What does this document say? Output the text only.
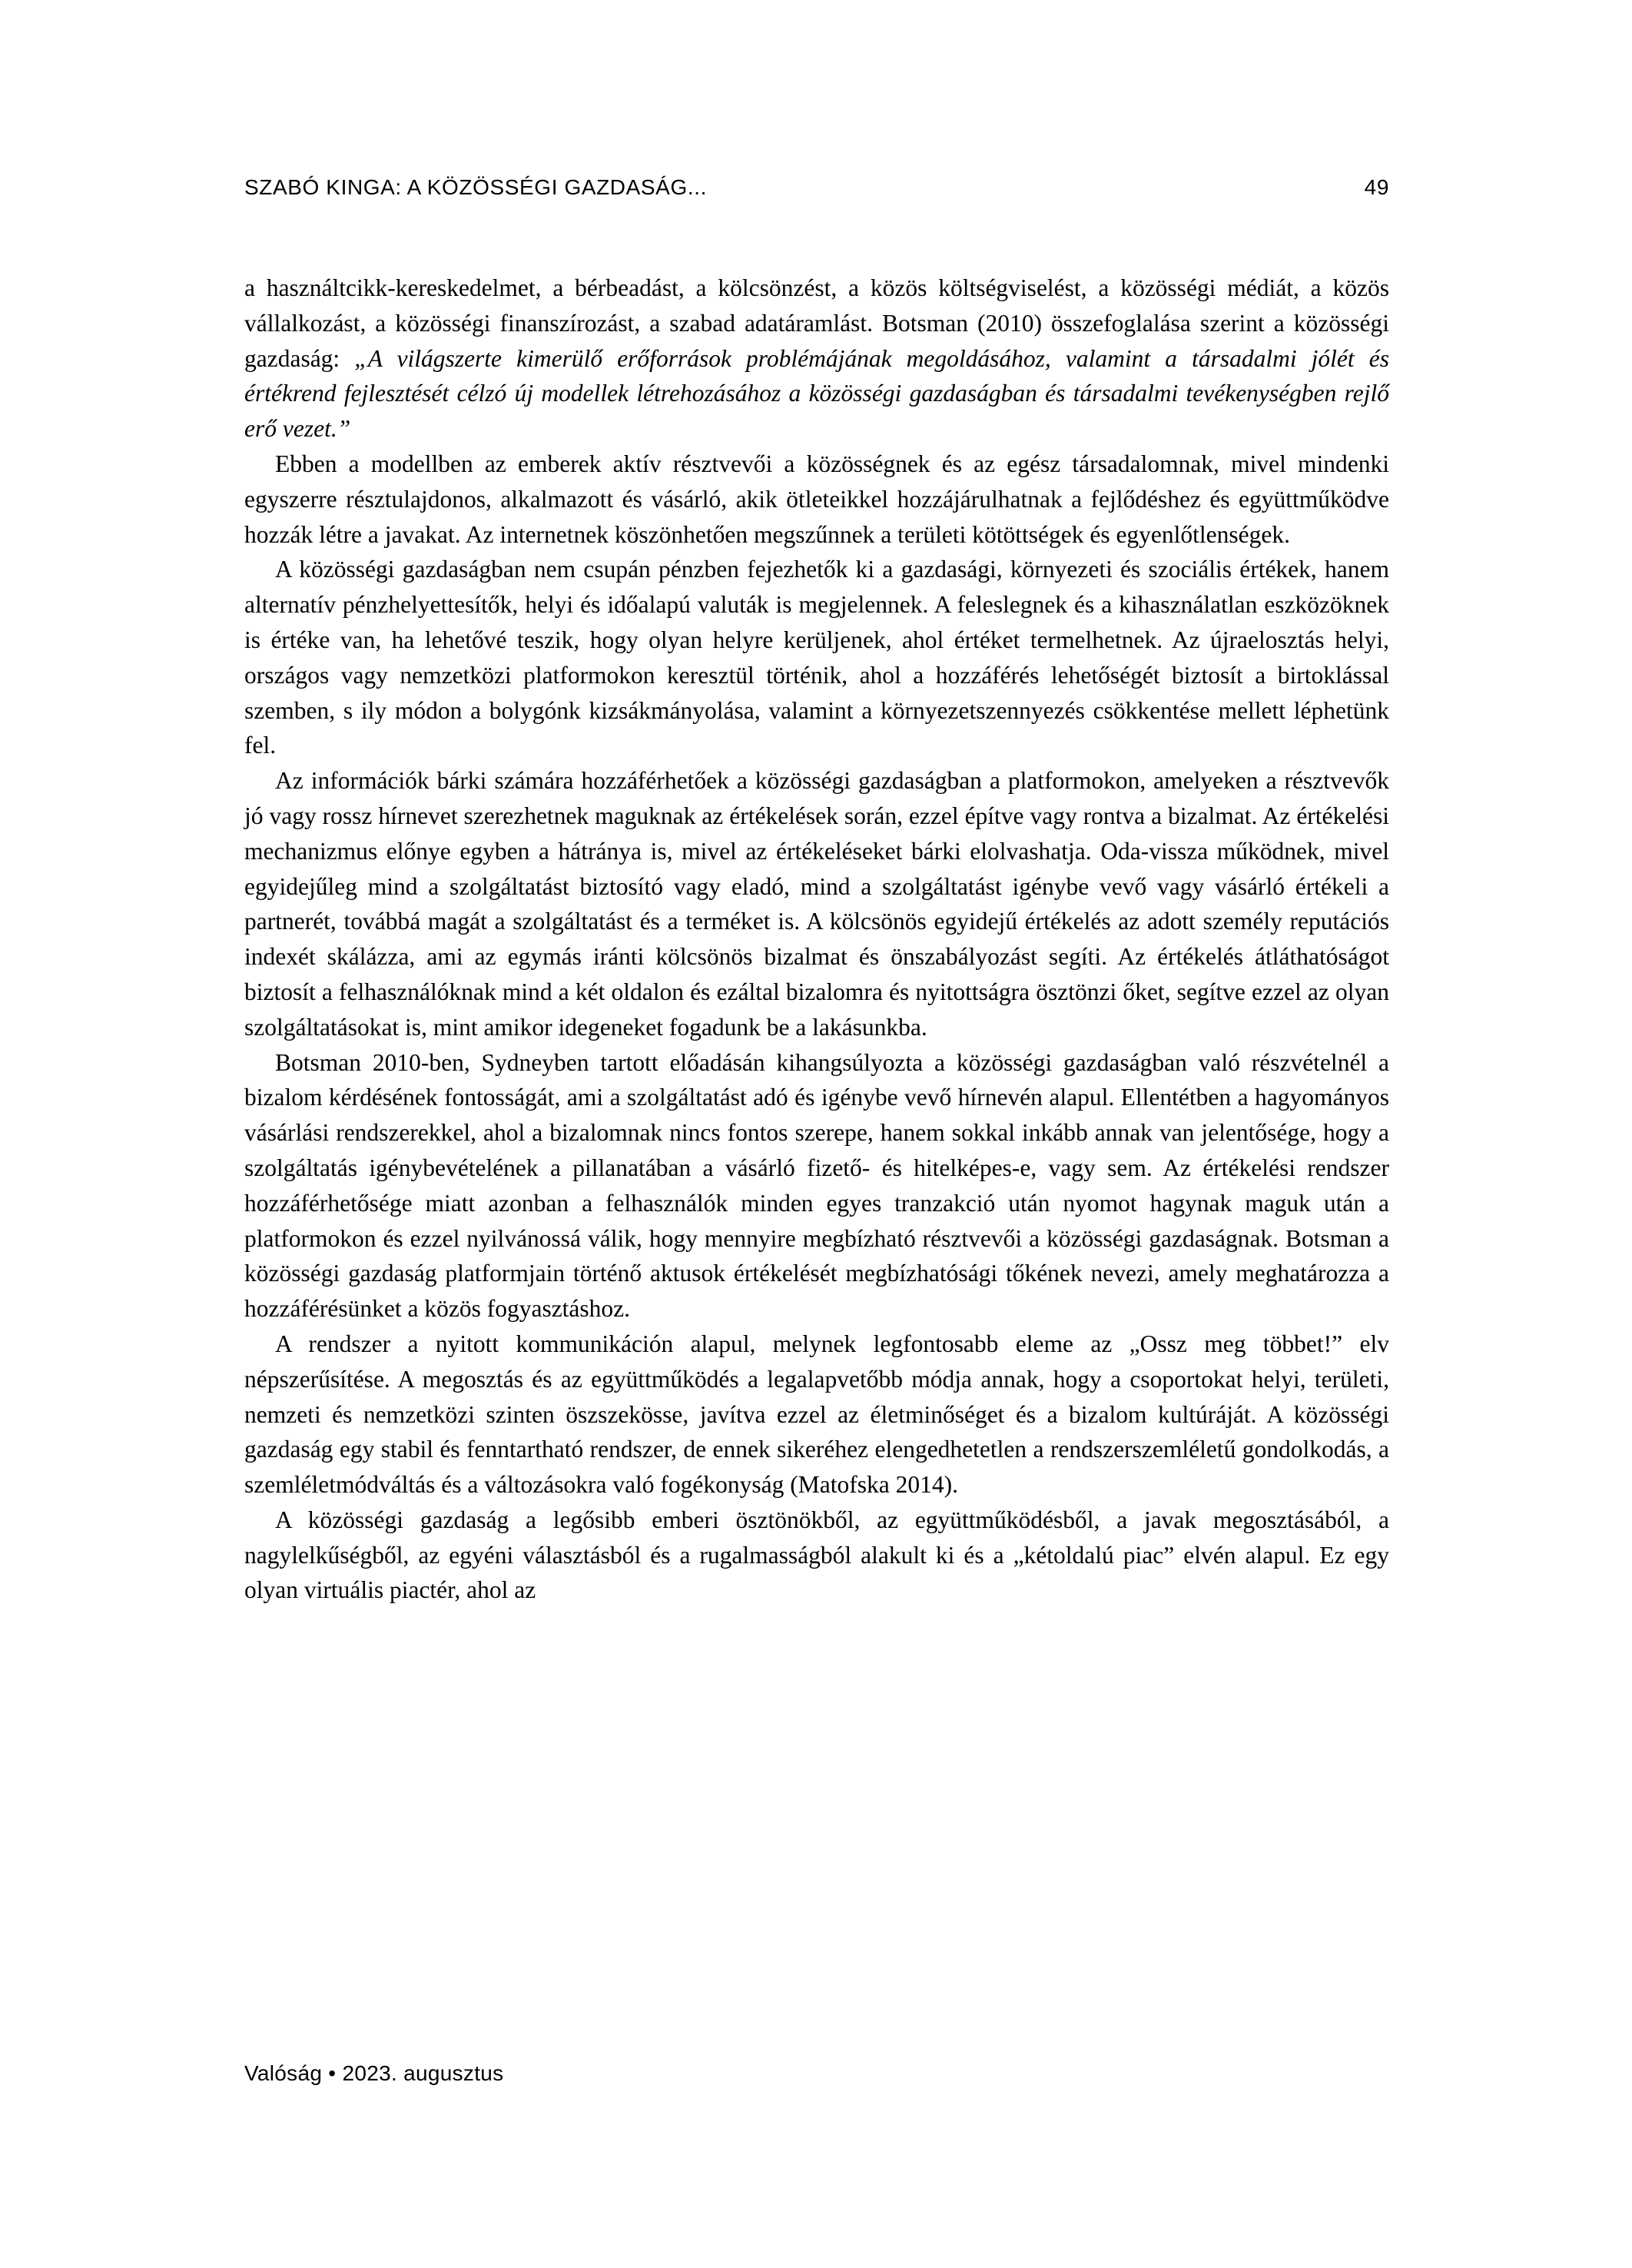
SZABÓ KINGA: A KÖZÖSSÉGI GAZDASÁG...	49

a használtcikk-kereskedelmet, a bérbeadást, a kölcsönzést, a közös költségviselést, a közösségi médiát, a közös vállalkozást, a közösségi finanszírozást, a szabad adatáramlást. Botsman (2010) összefoglalása szerint a közösségi gazdaság: „A világszerte kimerülő erőforrások problémájának megoldásához, valamint a társadalmi jólét és értékrend fejlesztését célzó új modellek létrehozásához a közösségi gazdaságban és társadalmi tevékenységben rejlő erő vezet.”

Ebben a modellben az emberek aktív résztvevői a közösségnek és az egész társadalomnak, mivel mindenki egyszerre résztulajdonos, alkalmazott és vásárló, akik ötleteikkel hozzájárulhatnak a fejlődéshez és együttműködve hozzák létre a javakat. Az internetnek köszönhetően megszűnnek a területi kötöttségek és egyenlőtlenségek.

A közösségi gazdaságban nem csupán pénzben fejezhetők ki a gazdasági, környezeti és szociális értékek, hanem alternatív pénzhelyettesítők, helyi és időalapú valuták is megjelennek. A feleslegnek és a kihasználatlan eszközöknek is értéke van, ha lehetővé teszik, hogy olyan helyre kerüljenek, ahol értéket termelhetnek. Az újraelosztás helyi, országos vagy nemzetközi platformokon keresztül történik, ahol a hozzáférés lehetőségét biztosít a birtoklással szemben, s ily módon a bolygónk kizsákmányolása, valamint a környezetszennyezés csökkentése mellett léphetünk fel.

Az információk bárki számára hozzáférhetőek a közösségi gazdaságban a platformokon, amelyeken a résztvevők jó vagy rossz hírnevet szerezhetnek maguknak az értékelések során, ezzel építve vagy rontva a bizalmat. Az értékelési mechanizmus előnye egyben a hátránya is, mivel az értékeléseket bárki elolvashatja. Oda-vissza működnek, mivel egyidejűleg mind a szolgáltatást biztosító vagy eladó, mind a szolgáltatást igénybe vevő vagy vásárló értékeli a partnerét, továbbá magát a szolgáltatást és a terméket is. A kölcsönös egyidejű értékelés az adott személy reputációs indexét skálázza, ami az egymás iránti kölcsönös bizalmat és önszabályozást segíti. Az értékelés átláthatóságot biztosít a felhasználóknak mind a két oldalon és ezáltal bizalomra és nyitottságra ösztönzi őket, segítve ezzel az olyan szolgáltatásokat is, mint amikor idegeneket fogadunk be a lakásunkba.

Botsman 2010-ben, Sydneyben tartott előadásán kihangsúlyozta a közösségi gazdaságban való részvételnél a bizalom kérdésének fontosságát, ami a szolgáltatást adó és igénybe vevő hírnevén alapul. Ellentétben a hagyományos vásárlási rendszerekkel, ahol a bizalomnak nincs fontos szerepe, hanem sokkal inkább annak van jelentősége, hogy a szolgáltatás igénybevételének a pillanatában a vásárló fizető- és hitelképes-e, vagy sem. Az értékelési rendszer hozzáférhetősége miatt azonban a felhasználók minden egyes tranzakció után nyomot hagynak maguk után a platformokon és ezzel nyilvánossá válik, hogy mennyire megbízható résztvevői a közösségi gazdaságnak. Botsman a közösségi gazdaság platformjain történő aktusok értékelését megbízhatósági tőkének nevezi, amely meghatározza a hozzáférésünket a közös fogyasztáshoz.

A rendszer a nyitott kommunikáción alapul, melynek legfontosabb eleme az „Ossz meg többet!” elv népszerűsítése. A megosztás és az együttműködés a legalapvetőbb módja annak, hogy a csoportokat helyi, területi, nemzeti és nemzetközi szinten öszszekösse, javítva ezzel az életminőséget és a bizalom kultúráját. A közösségi gazdaság egy stabil és fenntartható rendszer, de ennek sikeréhez elengedhetetlen a rendszerszemléletű gondolkodás, a szemléletmódváltás és a változásokra való fogékonyság (Matofska 2014).

A közösségi gazdaság a legősibb emberi ösztönökből, az együttműködésből, a javak megosztásából, a nagylelkűségből, az egyéni választásból és a rugalmasságból alakult ki és a „kétoldalú piac” elvén alapul. Ez egy olyan virtuális piactér, ahol az

Valóság • 2023. augusztus
